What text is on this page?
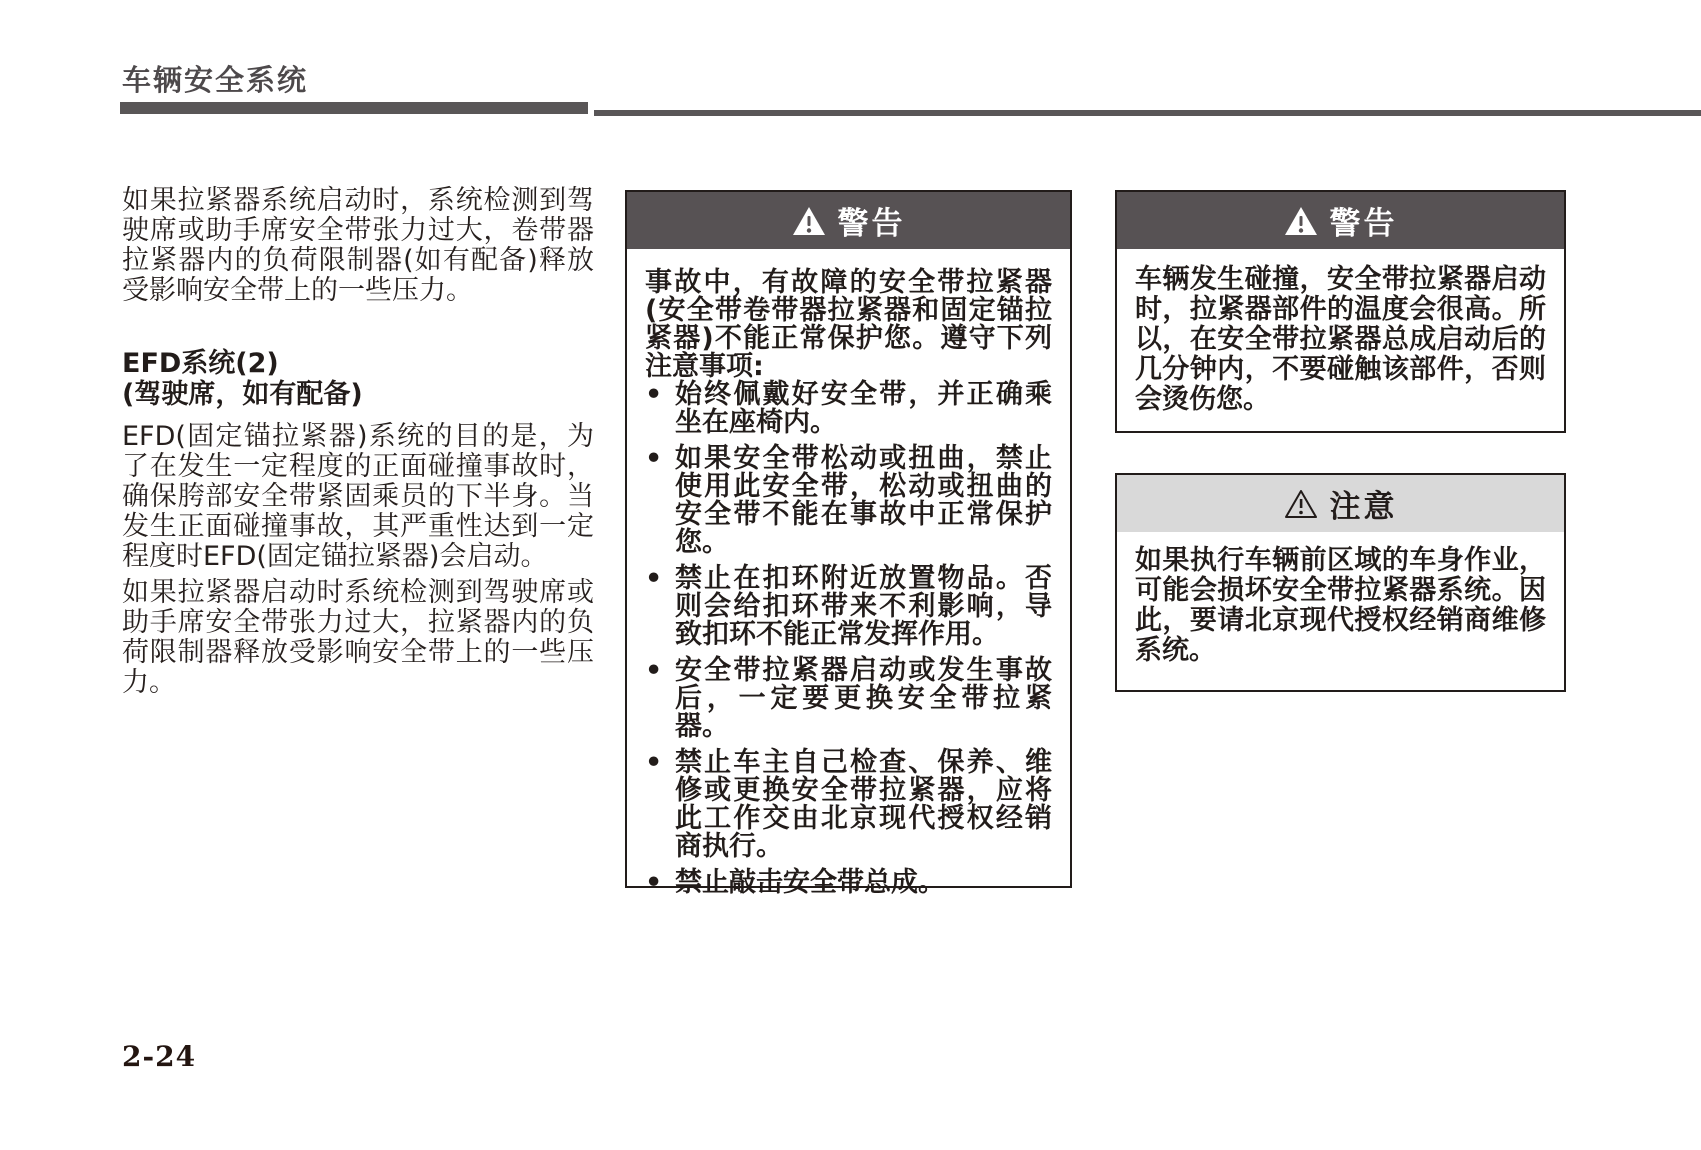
车辆安全系统

如果拉紧器系统启动时，系统检测到驾驶席或助手席安全带张力过大，卷带器拉紧器内的负荷限制器(如有配备)释放受影响安全带上的一些压力。

EFD系统(2)
(驾驶席，如有配备)

EFD(固定锚拉紧器)系统的目的是，为了在发生一定程度的正面碰撞事故时，确保胯部安全带紧固乘员的下半身。当发生正面碰撞事故，其严重性达到一定程度时EFD(固定锚拉紧器)会启动。

如果拉紧器启动时系统检测到驾驶席或助手席安全带张力过大，拉紧器内的负荷限制器释放受影响安全带上的一些压力。

警告

事故中，有故障的安全带拉紧器(安全带卷带器拉紧器和固定锚拉紧器)不能正常保护您。遵守下列注意事项:

• 始终佩戴好安全带，并正确乘坐在座椅内。
• 如果安全带松动或扭曲，禁止使用此安全带，松动或扭曲的安全带不能在事故中正常保护您。
• 禁止在扣环附近放置物品。否则会给扣环带来不利影响，导致扣环不能正常发挥作用。
• 安全带拉紧器启动或发生事故后，一定要更换安全带拉紧器。
• 禁止车主自己检查、保养、维修或更换安全带拉紧器，应将此工作交由北京现代授权经销商执行。
• 禁止敲击安全带总成。
警告

车辆发生碰撞，安全带拉紧器启动时，拉紧器部件的温度会很高。所以，在安全带拉紧器总成启动后的几分钟内，不要碰触该部件，否则会烫伤您。

注意

如果执行车辆前区域的车身作业，可能会损坏安全带拉紧器系统。因此，要请北京现代授权经销商维修系统。

2-24
